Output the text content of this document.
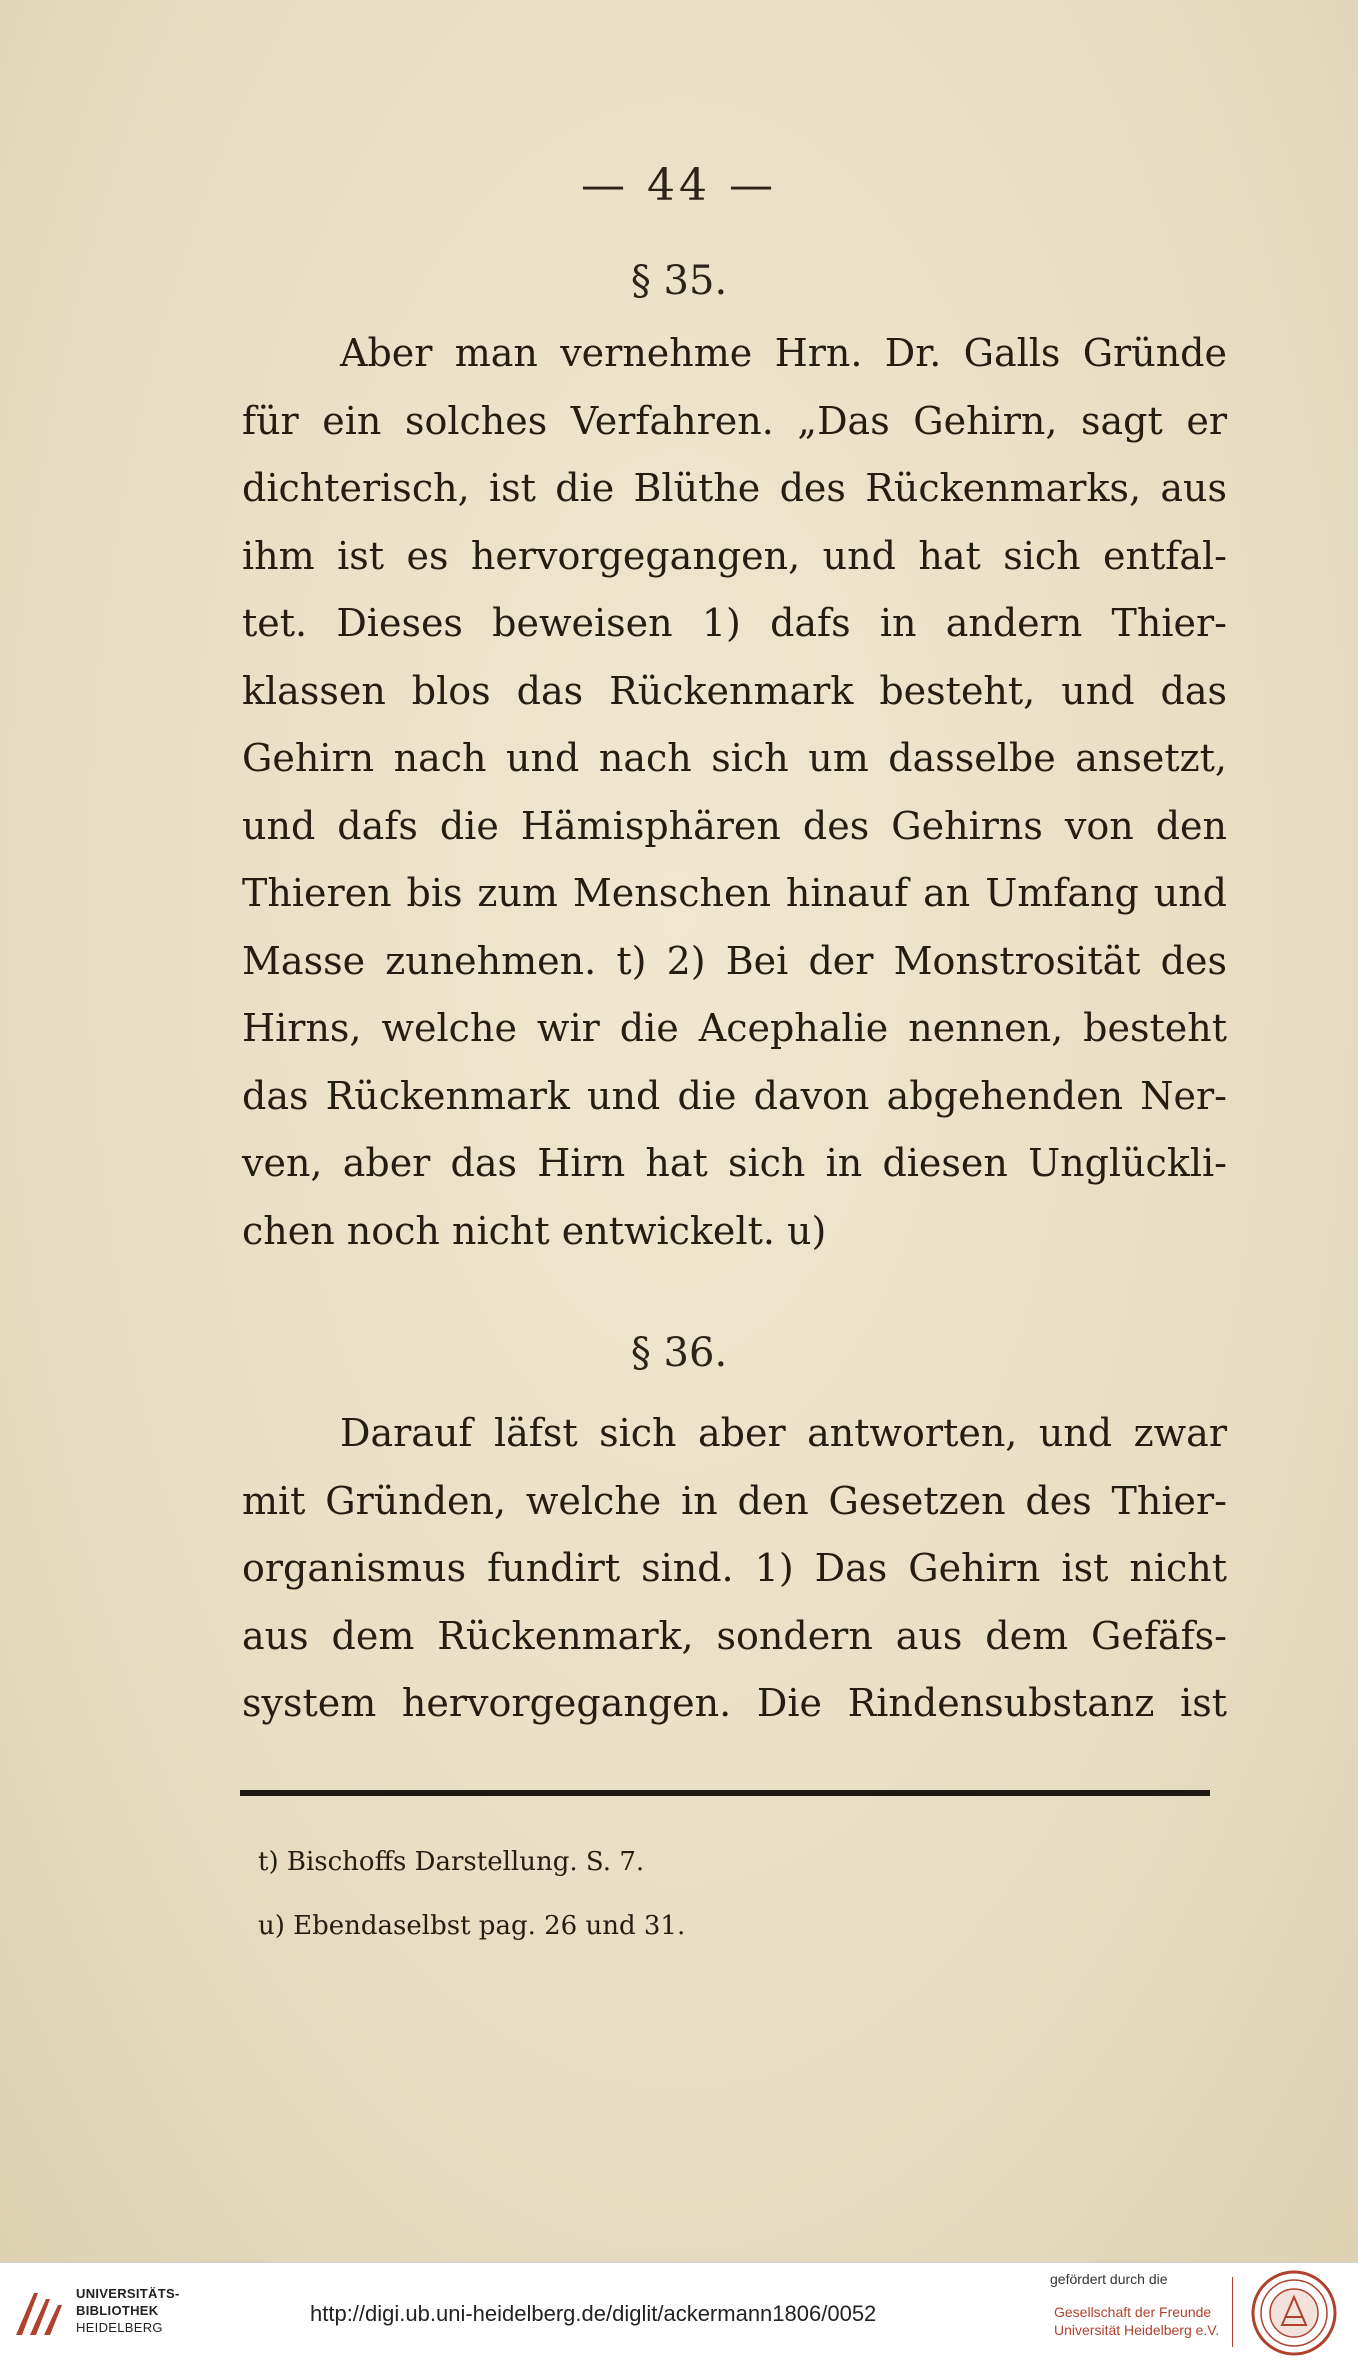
— 44 —
§ 35.
Aber man vernehme Hrn. Dr. Galls Gründe
für ein solches Verfahren. „Das Gehirn, sagt er
dichterisch, ist die Blüthe des Rückenmarks, aus
ihm ist es hervorgegangen, und hat sich entfal-
tet. Dieses beweisen 1) dafs in andern Thier-
klassen blos das Rückenmark besteht, und das
Gehirn nach und nach sich um dasselbe ansetzt,
und dafs die Hämisphären des Gehirns von den
Thieren bis zum Menschen hinauf an Umfang und
Masse zunehmen. t) 2) Bei der Monstrosität des
Hirns, welche wir die Acephalie nennen, besteht
das Rückenmark und die davon abgehenden Ner-
ven, aber das Hirn hat sich in diesen Unglückli-
chen noch nicht entwickelt. u)
§ 36.
Darauf läfst sich aber antworten, und zwar
mit Gründen, welche in den Gesetzen des Thier-
organismus fundirt sind. 1) Das Gehirn ist nicht
aus dem Rückenmark, sondern aus dem Gefäfs-
system hervorgegangen. Die Rindensubstanz ist
t) Bischoffs Darstellung. S. 7.
u) Ebendaselbst pag. 26 und 31.
UNIVERSITÄTS-
BIBLIOTHEK
HEIDELBERG
http://digi.ub.uni-heidelberg.de/diglit/ackermann1806/0052
gefördert durch die
Gesellschaft der Freunde
Universität Heidelberg e.V.
